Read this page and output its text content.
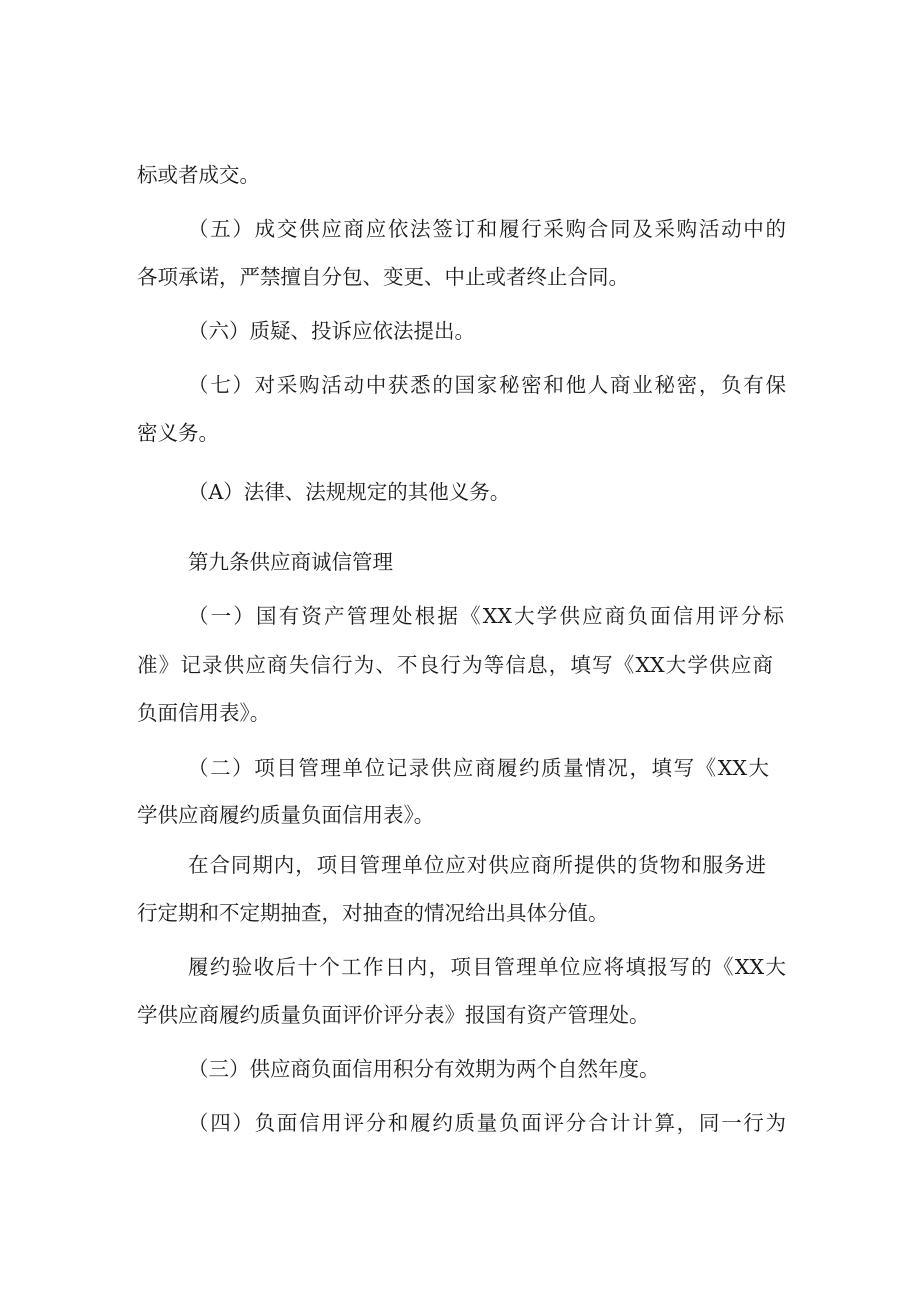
标或者成交。

（五）成交供应商应依法签订和履行采购合同及采购活动中的

各项承诺，严禁擅自分包、变更、中止或者终止合同。

（六）质疑、投诉应依法提出。

（七）对采购活动中获悉的国家秘密和他人商业秘密，负有保

密义务。

（A）法律、法规规定的其他义务。

第九条供应商诚信管理

（一）国有资产管理处根据《XX大学供应商负面信用评分标

准》记录供应商失信行为、不良行为等信息，填写《XX大学供应商

负面信用表》。

（二）项目管理单位记录供应商履约质量情况，填写《XX大

学供应商履约质量负面信用表》。

在合同期内，项目管理单位应对供应商所提供的货物和服务进

行定期和不定期抽查，对抽查的情况给出具体分值。

履约验收后十个工作日内，项目管理单位应将填报写的《XX大

学供应商履约质量负面评价评分表》报国有资产管理处。

（三）供应商负面信用积分有效期为两个自然年度。

（四）负面信用评分和履约质量负面评分合计计算，同一行为
